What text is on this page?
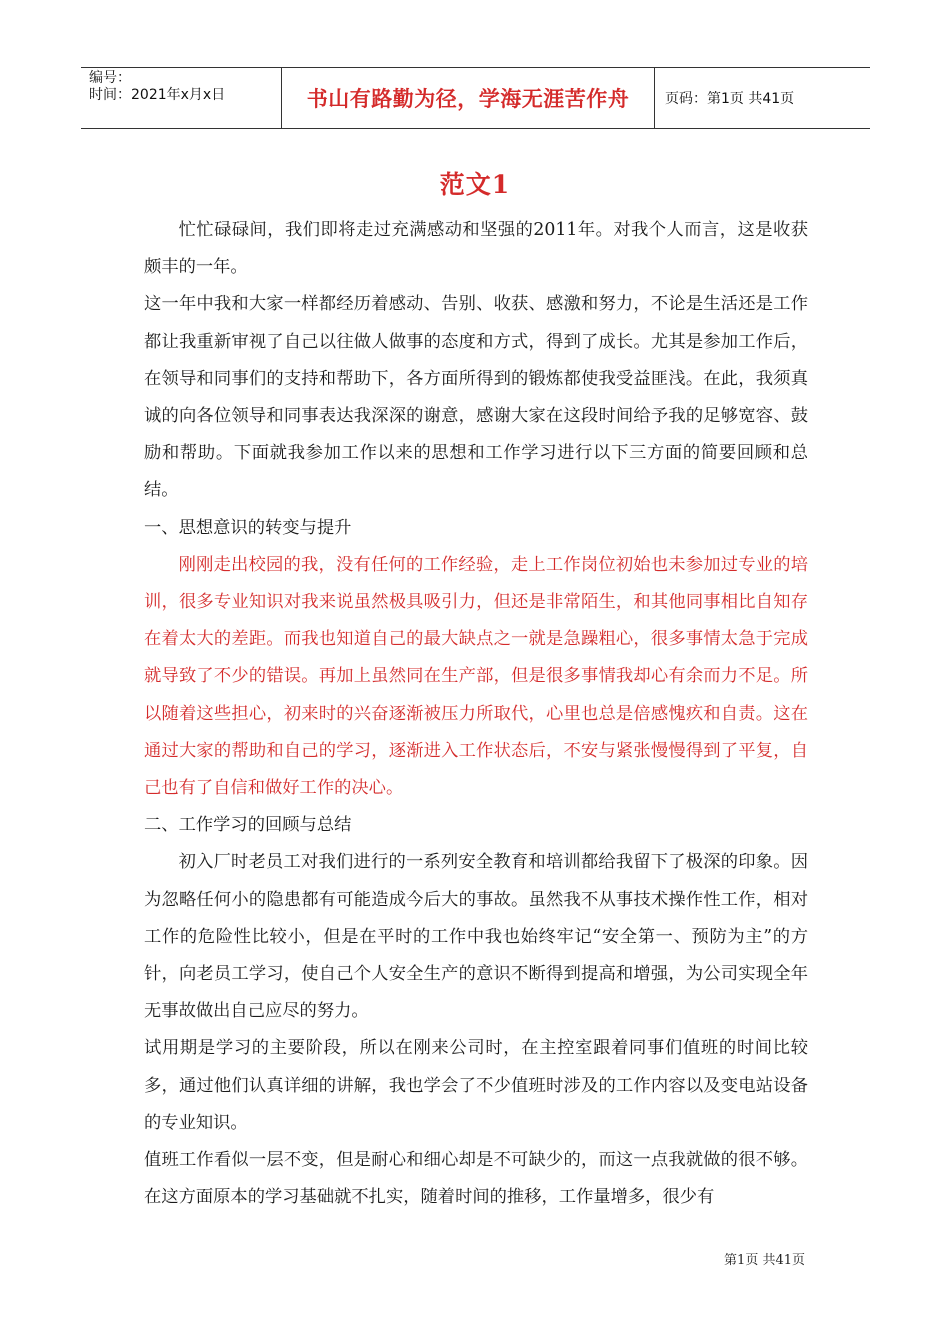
编号：
时间：2021年x月x日	书山有路勤为径，学海无涯苦作舟	页码：第1页 共41页
范文1

忙忙碌碌间，我们即将走过充满感动和坚强的2011年。对我个人而言，这是收获颇丰的一年。

这一年中我和大家一样都经历着感动、告别、收获、感激和努力，不论是生活还是工作都让我重新审视了自己以往做人做事的态度和方式，得到了成长。尤其是参加工作后，在领导和同事们的支持和帮助下，各方面所得到的锻炼都使我受益匪浅。在此，我须真诚的向各位领导和同事表达我深深的谢意，感谢大家在这段时间给予我的足够宽容、鼓励和帮助。下面就我参加工作以来的思想和工作学习进行以下三方面的简要回顾和总结。

一、思想意识的转变与提升

刚刚走出校园的我，没有任何的工作经验，走上工作岗位初始也未参加过专业的培训，很多专业知识对我来说虽然极具吸引力，但还是非常陌生，和其他同事相比自知存在着太大的差距。而我也知道自己的最大缺点之一就是急躁粗心，很多事情太急于完成就导致了不少的错误。再加上虽然同在生产部，但是很多事情我却心有余而力不足。所以随着这些担心，初来时的兴奋逐渐被压力所取代，心里也总是倍感愧疚和自责。这在通过大家的帮助和自己的学习，逐渐进入工作状态后，不安与紧张慢慢得到了平复，自己也有了自信和做好工作的决心。

二、工作学习的回顾与总结

初入厂时老员工对我们进行的一系列安全教育和培训都给我留下了极深的印象。因为忽略任何小的隐患都有可能造成今后大的事故。虽然我不从事技术操作性工作，相对工作的危险性比较小，但是在平时的工作中我也始终牢记“安全第一、预防为主”的方针，向老员工学习，使自己个人安全生产的意识不断得到提高和增强，为公司实现全年无事故做出自己应尽的努力。

试用期是学习的主要阶段，所以在刚来公司时，在主控室跟着同事们值班的时间比较多，通过他们认真详细的讲解，我也学会了不少值班时涉及的工作内容以及变电站设备的专业知识。

值班工作看似一层不变，但是耐心和细心却是不可缺少的，而这一点我就做的很不够。在这方面原本的学习基础就不扎实，随着时间的推移，工作量增多，很少有

第1页 共41页
